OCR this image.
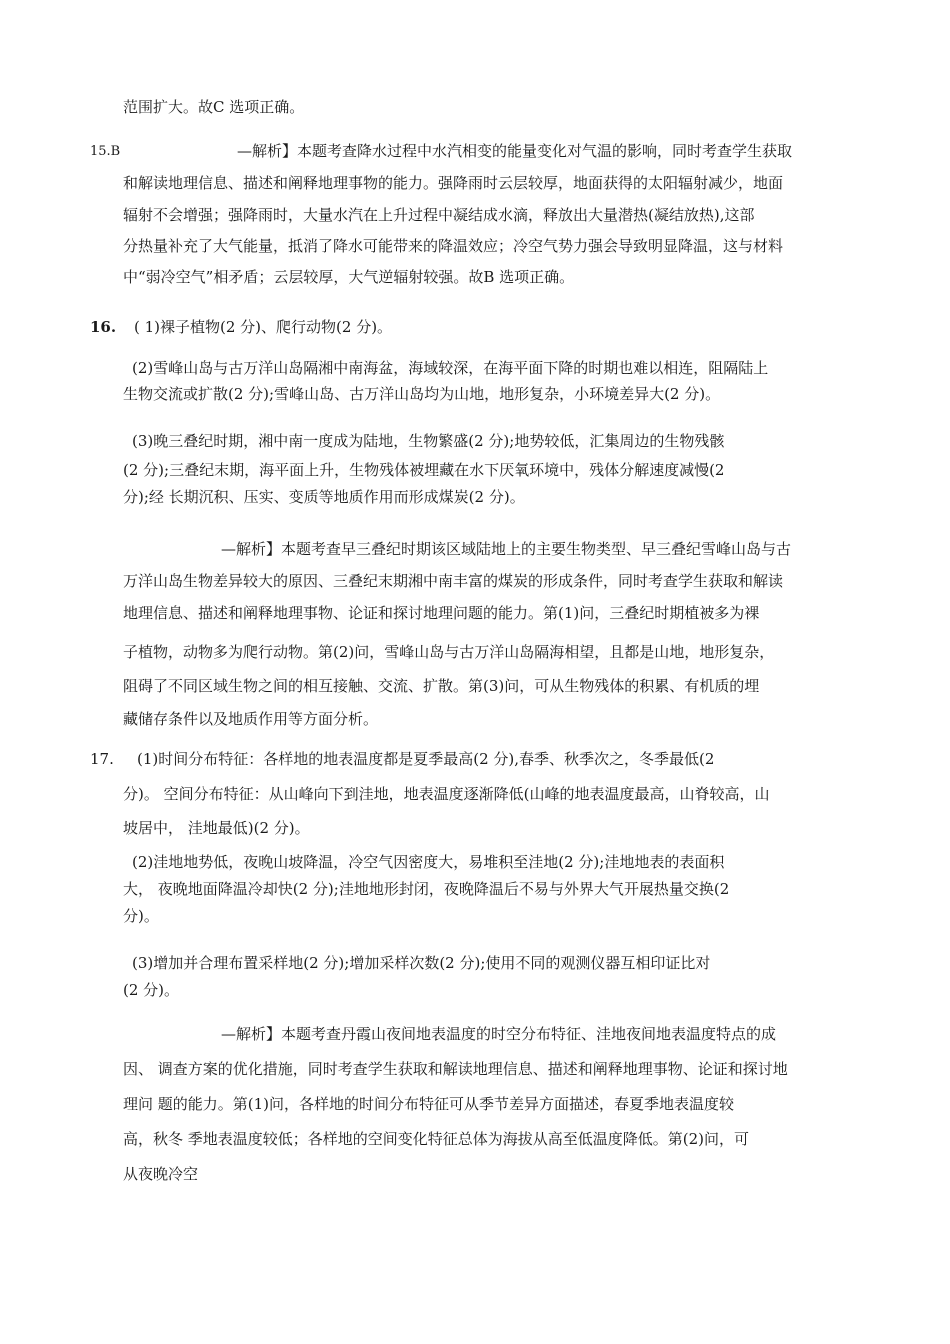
范围扩大。故C 选项正确。
15.B	—解析】本题考查降水过程中水汽相变的能量变化对气温的影响，同时考查学生获取
和解读地理信息、描述和阐释地理事物的能力。强降雨时云层较厚，地面获得的太阳辐射减少，地面
辐射不会增强；强降雨时，大量水汽在上升过程中凝结成水滴，释放出大量潜热(凝结放热),这部
分热量补充了大气能量，抵消了降水可能带来的降温效应；冷空气势力强会导致明显降温，这与材料
中“弱冷空气”相矛盾；云层较厚，大气逆辐射较强。故B 选项正确。
16. ( 1)裸子植物(2 分)、爬行动物(2 分)。
(2)雪峰山岛与古万洋山岛隔湘中南海盆，海域较深，在海平面下降的时期也难以相连，阻隔陆上
生物交流或扩散(2 分);雪峰山岛、古万洋山岛均为山地，地形复杂，小环境差异大(2 分)。
(3)晚三叠纪时期，湘中南一度成为陆地，生物繁盛(2 分);地势较低，汇集周边的生物残骸
(2 分);三叠纪末期，海平面上升，生物残体被埋藏在水下厌氧环境中，残体分解速度减慢(2
分);经 长期沉积、压实、变质等地质作用而形成煤炭(2 分)。
—解析】本题考查早三叠纪时期该区域陆地上的主要生物类型、早三叠纪雪峰山岛与古
万洋山岛生物差异较大的原因、三叠纪末期湘中南丰富的煤炭的形成条件，同时考查学生获取和解读
地理信息、描述和阐释地理事物、论证和探讨地理问题的能力。第(1)问，三叠纪时期植被多为裸
子植物，动物多为爬行动物。第(2)问，雪峰山岛与古万洋山岛隔海相望，且都是山地，地形复杂，
阻碍了不同区域生物之间的相互接触、交流、扩散。第(3)问，可从生物残体的积累、有机质的埋
藏储存条件以及地质作用等方面分析。
17. (1)时间分布特征：各样地的地表温度都是夏季最高(2 分),春季、秋季次之，冬季最低(2
分)。 空间分布特征：从山峰向下到洼地，地表温度逐渐降低(山峰的地表温度最高，山脊较高，山
坡居中， 洼地最低)(2 分)。
(2)洼地地势低，夜晚山坡降温，冷空气因密度大，易堆积至洼地(2 分);洼地地表的表面积
大， 夜晚地面降温冷却快(2 分);洼地地形封闭，夜晚降温后不易与外界大气开展热量交换(2
分)。
(3)增加并合理布置采样地(2 分);增加采样次数(2 分);使用不同的观测仪器互相印证比对
(2 分)。
—解析】本题考查丹霞山夜间地表温度的时空分布特征、洼地夜间地表温度特点的成
因、 调查方案的优化措施，同时考查学生获取和解读地理信息、描述和阐释地理事物、论证和探讨地
理问 题的能力。第(1)问，各样地的时间分布特征可从季节差异方面描述，春夏季地表温度较
高，秋冬 季地表温度较低；各样地的空间变化特征总体为海拔从高至低温度降低。第(2)问，可
从夜晚冷空
